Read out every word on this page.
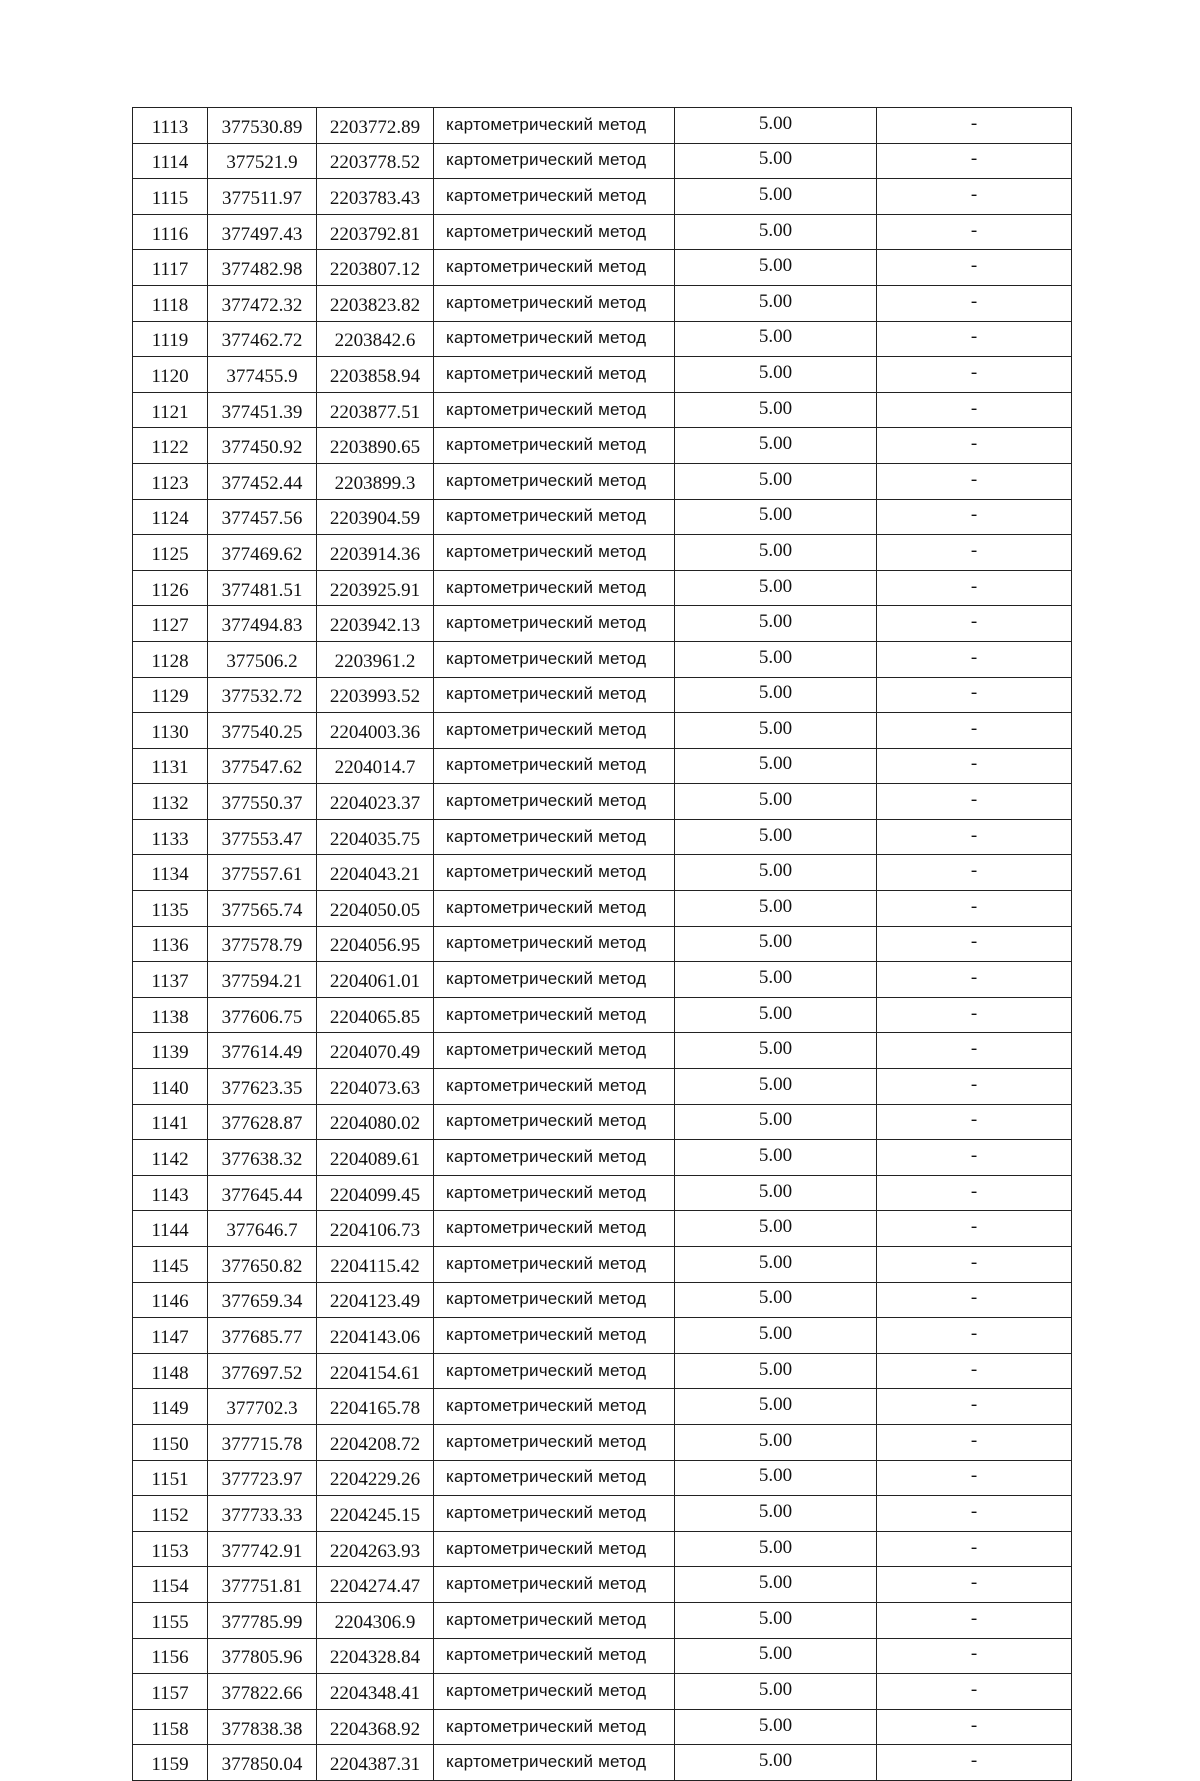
1113	377530.89	2203772.89	картометрический метод	5.00	-
1114	377521.9	2203778.52	картометрический метод	5.00	-
1115	377511.97	2203783.43	картометрический метод	5.00	-
1116	377497.43	2203792.81	картометрический метод	5.00	-
1117	377482.98	2203807.12	картометрический метод	5.00	-
1118	377472.32	2203823.82	картометрический метод	5.00	-
1119	377462.72	2203842.6	картометрический метод	5.00	-
1120	377455.9	2203858.94	картометрический метод	5.00	-
1121	377451.39	2203877.51	картометрический метод	5.00	-
1122	377450.92	2203890.65	картометрический метод	5.00	-
1123	377452.44	2203899.3	картометрический метод	5.00	-
1124	377457.56	2203904.59	картометрический метод	5.00	-
1125	377469.62	2203914.36	картометрический метод	5.00	-
1126	377481.51	2203925.91	картометрический метод	5.00	-
1127	377494.83	2203942.13	картометрический метод	5.00	-
1128	377506.2	2203961.2	картометрический метод	5.00	-
1129	377532.72	2203993.52	картометрический метод	5.00	-
1130	377540.25	2204003.36	картометрический метод	5.00	-
1131	377547.62	2204014.7	картометрический метод	5.00	-
1132	377550.37	2204023.37	картометрический метод	5.00	-
1133	377553.47	2204035.75	картометрический метод	5.00	-
1134	377557.61	2204043.21	картометрический метод	5.00	-
1135	377565.74	2204050.05	картометрический метод	5.00	-
1136	377578.79	2204056.95	картометрический метод	5.00	-
1137	377594.21	2204061.01	картометрический метод	5.00	-
1138	377606.75	2204065.85	картометрический метод	5.00	-
1139	377614.49	2204070.49	картометрический метод	5.00	-
1140	377623.35	2204073.63	картометрический метод	5.00	-
1141	377628.87	2204080.02	картометрический метод	5.00	-
1142	377638.32	2204089.61	картометрический метод	5.00	-
1143	377645.44	2204099.45	картометрический метод	5.00	-
1144	377646.7	2204106.73	картометрический метод	5.00	-
1145	377650.82	2204115.42	картометрический метод	5.00	-
1146	377659.34	2204123.49	картометрический метод	5.00	-
1147	377685.77	2204143.06	картометрический метод	5.00	-
1148	377697.52	2204154.61	картометрический метод	5.00	-
1149	377702.3	2204165.78	картометрический метод	5.00	-
1150	377715.78	2204208.72	картометрический метод	5.00	-
1151	377723.97	2204229.26	картометрический метод	5.00	-
1152	377733.33	2204245.15	картометрический метод	5.00	-
1153	377742.91	2204263.93	картометрический метод	5.00	-
1154	377751.81	2204274.47	картометрический метод	5.00	-
1155	377785.99	2204306.9	картометрический метод	5.00	-
1156	377805.96	2204328.84	картометрический метод	5.00	-
1157	377822.66	2204348.41	картометрический метод	5.00	-
1158	377838.38	2204368.92	картометрический метод	5.00	-
1159	377850.04	2204387.31	картометрический метод	5.00	-
